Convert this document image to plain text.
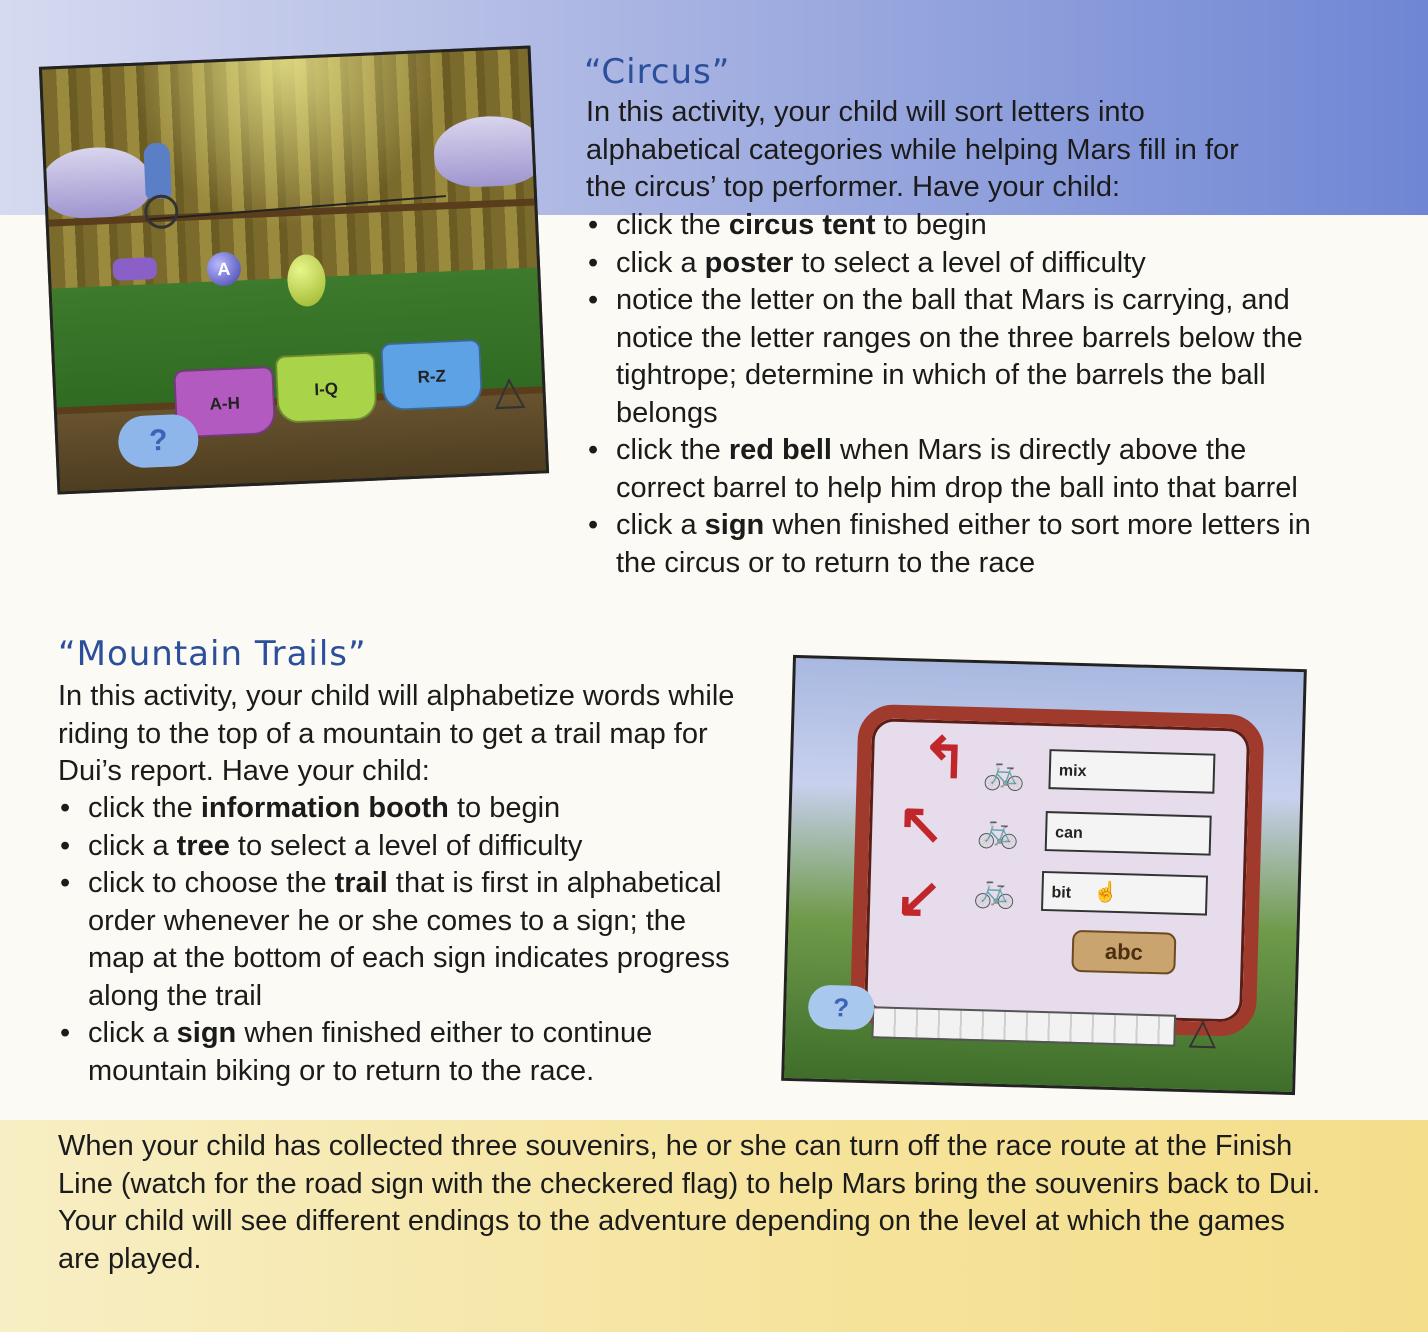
A
A-H
I-Q
R-Z
?
△
“Circus”

In this activity, your child will sort letters into alphabetical categories while helping Mars fill in for the circus’ top performer. Have your child:

• click the circus tent to begin
• click a poster to select a level of difficulty
• notice the letter on the ball that Mars is carrying, and notice the letter ranges on the three barrels below the tightrope; determine in which of the barrels the ball belongs
• click the red bell when Mars is directly above the correct barrel to help him drop the ball into that barrel
• click a sign when finished either to sort more letters in the circus or to return to the race
“Mountain Trails”

In this activity, your child will alphabetize words while riding to the top of a mountain to get a trail map for Dui’s report. Have your child:

• click the information booth to begin
• click a tree to select a level of difficulty
• click to choose the trail that is first in alphabetical order whenever he or she comes to a sign; the map at the bottom of each sign indicates progress along the trail
• click a sign when finished either to continue mountain biking or to return to the race.
↰
↖
↙
🚲
🚲
🚲
mix
can
bit	☝
abc
?
△

When your child has collected three souvenirs, he or she can turn off the race route at the Finish Line (watch for the road sign with the checkered flag) to help Mars bring the souvenirs back to Dui. Your child will see different endings to the adventure depending on the level at which the games are played.
